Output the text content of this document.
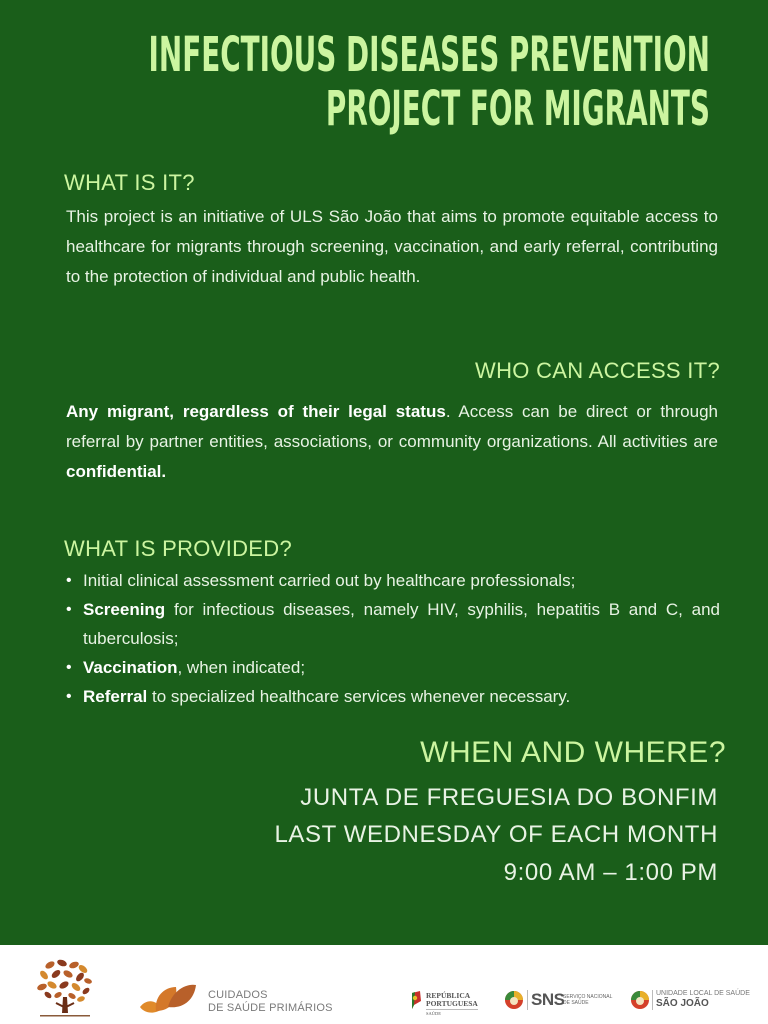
INFECTIOUS DISEASES PREVENTION
PROJECT FOR MIGRANTS
WHAT IS IT?
This project is an initiative of ULS São João that aims to promote equitable access to healthcare for migrants through screening, vaccination, and early referral, contributing to the protection of individual and public health.
WHO CAN ACCESS IT?
Any migrant, regardless of their legal status. Access can be direct or through referral by partner entities, associations, or community organizations. All activities are confidential.
WHAT IS PROVIDED?
• Initial clinical assessment carried out by healthcare professionals;
• Screening for infectious diseases, namely HIV, syphilis, hepatitis B and C, and tuberculosis;
• Vaccination, when indicated;
• Referral to specialized healthcare services whenever necessary.
WHEN AND WHERE?
JUNTA DE FREGUESIA DO BONFIM
LAST WEDNESDAY OF EACH MONTH
9:00 AM – 1:00 PM
CUIDADOS
DE SAÚDE PRIMÁRIOS
REPÚBLICA
PORTUGUESA
SAÚDE
SNS
SERVIÇO NACIONAL
DE SAÚDE
UNIDADE LOCAL DE SAÚDE
SÃO JOÃO
